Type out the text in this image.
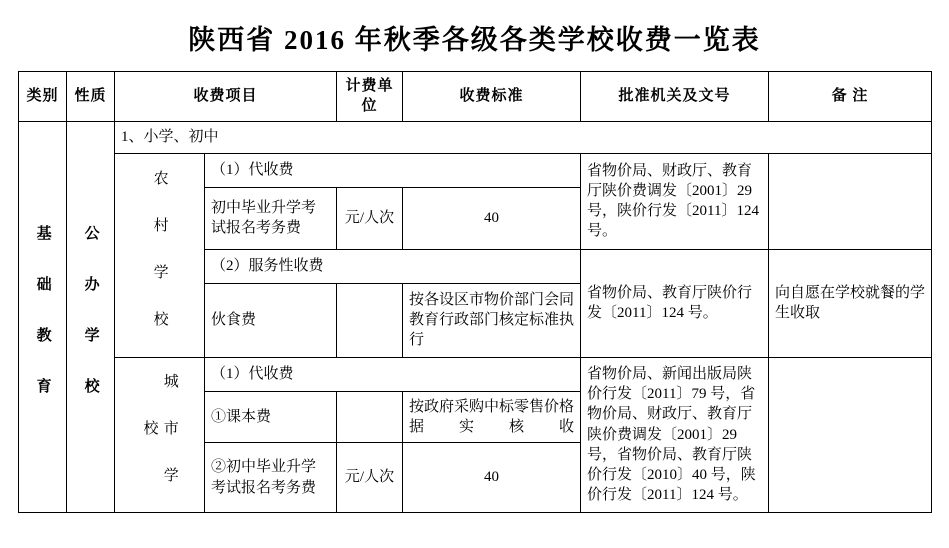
陕西省 2016 年秋季各级各类学校收费一览表
类别	性质	收费项目		计费单位	收费标准	批准机关及文号	备 注
基 础 教 育	公 办 学 校	1、小学、初中					
		农 村 学 校	（1）代收费			省物价局、财政厅、教育厅陕价费调发〔2001〕29 号，陕价行发〔2011〕124 号。	
			初中毕业升学考试报名考务费	元/人次	40		
			（2）服务性收费			省物价局、教育厅陕价行发〔2011〕124 号。	向自愿在学校就餐的学生收取
			伙食费		按各设区市物价部门会同教育行政部门核定标准执行		
		城 市 学 校	（1）代收费			省物价局、新闻出版局陕价行发〔2011〕79 号，省物价局、财政厅、教育厅陕价费调发〔2001〕29 号，省物价局、教育厅陕价行发〔2010〕40 号，陕价行发〔2011〕124 号。	
			①课本费		按政府采购中标零售价格据实核收		
			②初中毕业升学考试报名考务费	元/人次	40		
